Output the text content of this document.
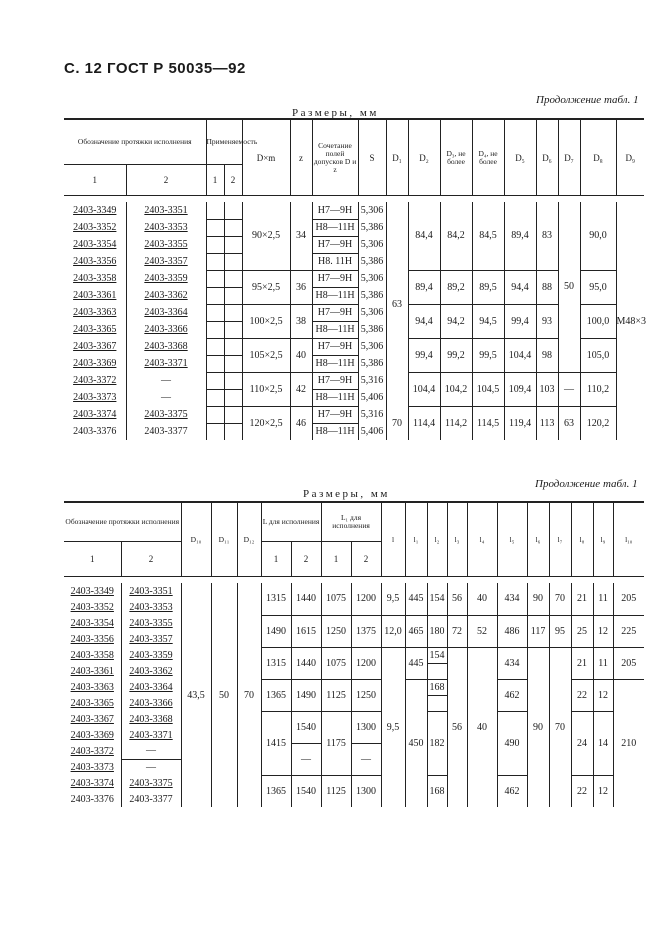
С. 12 ГОСТ Р 50035—92
Продолжение табл. 1
Размеры, мм
Обозначение протяжки исполнения		Применяемость		D×m	z	Сочетание полей допусков D и z	S	D₁	D₂	D₃, не более	D₄, не более	D₅	D₆	D₇	D₈	D₉
1	2	1	2													

2403-3349	2403-3351			90×2,5	34	H7—9H	5,306	63	84,4	84,2	84,5	89,4	83	50	90,0	M48×3
2403-3352	2403-3353					H8—11H	5,386									
2403-3354	2403-3355					H7—9H	5,306									
2403-3356	2403-3357					H8. 11H	5,386									
2403-3358	2403-3359			95×2,5	36	H7—9H	5,306		89,4	89,2	89,5	94,4	88		95,0	
2403-3361	2403-3362					H8—11H	5,386									
2403-3363	2403-3364			100×2,5	38	H7—9H	5,306		94,4	94,2	94,5	99,4	93		100,0	
2403-3365	2403-3366					H8—11H	5,386									
2403-3367	2403-3368			105×2,5	40	H7—9H	5,306		99,4	99,2	99,5	104,4	98		105,0	
2403-3369	2403-3371					H8—11H	5,386									
2403-3372	—			110×2,5	42	H7—9H	5,316		104,4	104,2	104,5	109,4	103	—	110,2	
2403-3373	—					H8—11H	5,406									
2403-3374	2403-3375			120×2,5	46	H7—9H	5,316	70	114,4	114,2	114,5	119,4	113	63	120,2	
2403-3376	2403-3377					H8—11H	5,406									

Продолжение табл. 1
Размеры, мм
Обозначение протяжки исполнения		D₁₀	D₁₁	D₁₂	L для исполнения		L₁ для исполнения		l	l₁	l₂	l₃	l₄	l₅	l₆	l₇	l₈	l₉	l₁₀
1	2				1	2	1	2											

2403-3349	2403-3351	43,5	50	70	1315	1440	1075	1200	9,5	445	154	56	40	434	90	70	21	11	205
2403-3352	2403-3353																		
2403-3354	2403-3355				1490	1615	1250	1375	12,0	465	180	72	52	486	117	95	25	12	225
2403-3356	2403-3357																		
2403-3358	2403-3359				1315	1440	1075	1200	9,5	445	154	56	40	434	90	70	21	11	205
2403-3361	2403-3362																		
2403-3363	2403-3364				1365	1490	1125	1250		450	168			462			22	12	210
2403-3365	2403-3366																		
2403-3367	2403-3368				1415	1540	1175	1300			182			490			24	14	
2403-3369	2403-3371																		
2403-3372	—					—		—											
2403-3373	—																		
2403-3374	2403-3375				1365	1540	1125	1300			168			462			22	12	
2403-3376	2403-3377																		
